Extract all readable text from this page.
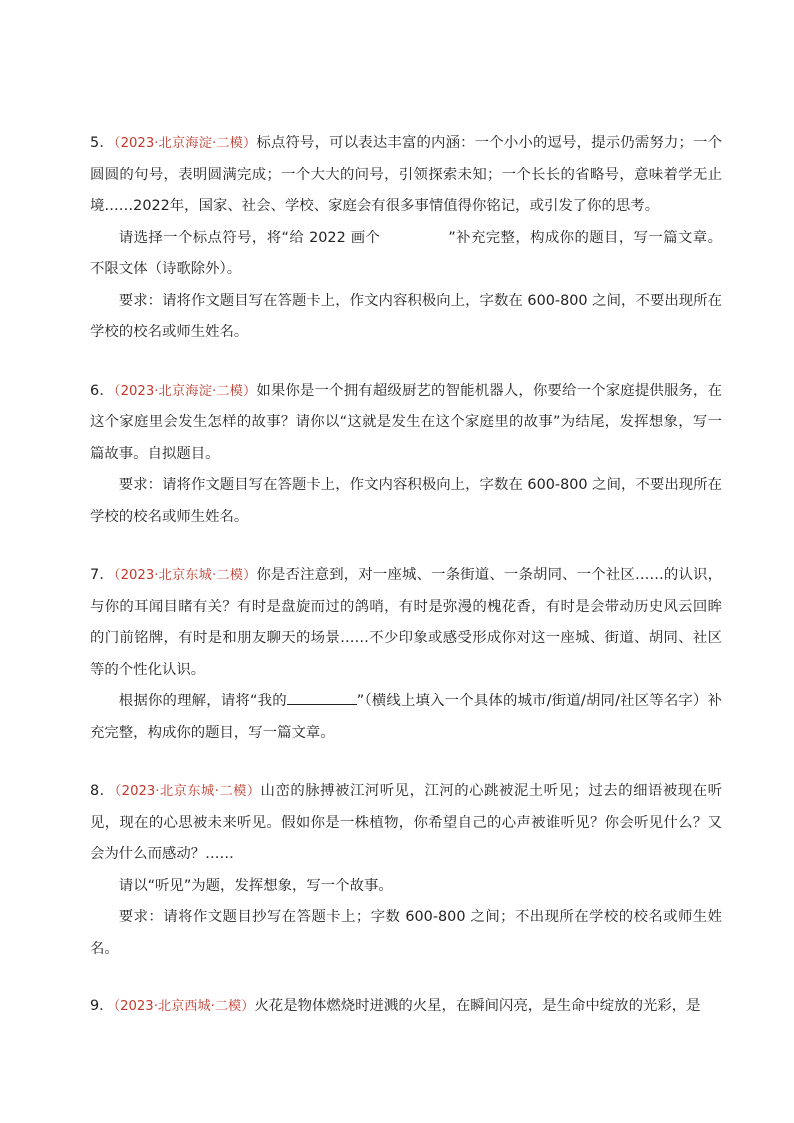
5．（2023·北京海淀·二模）标点符号，可以表达丰富的内涵：一个小小的逗号，提示仍需努力；一个圆圆的句号，表明圆满完成；一个大大的问号，引领探索未知；一个长长的省略号，意味着学无止境……2022年，国家、社会、学校、家庭会有很多事情值得你铭记，或引发了你的思考。

请选择一个标点符号，将“给 2022 画个	”补充完整，构成你的题目，写一篇文章。不限文体（诗歌除外）。

要求：请将作文题目写在答题卡上，作文内容积极向上，字数在 600-800 之间，不要出现所在学校的校名或师生姓名。

6．（2023·北京海淀·二模）如果你是一个拥有超级厨艺的智能机器人，你要给一个家庭提供服务，在这个家庭里会发生怎样的故事？请你以“这就是发生在这个家庭里的故事”为结尾，发挥想象，写一篇故事。自拟题目。

要求：请将作文题目写在答题卡上，作文内容积极向上，字数在 600-800 之间，不要出现所在学校的校名或师生姓名。

7．（2023·北京东城·二模）你是否注意到，对一座城、一条街道、一条胡同、一个社区……的认识，与你的耳闻目睹有关？有时是盘旋而过的鸽哨，有时是弥漫的槐花香，有时是会带动历史风云回眸的门前铭牌，有时是和朋友聊天的场景……不少印象或感受形成你对这一座城、街道、胡同、社区等的个性化认识。

根据你的理解，请将“我的	”（横线上填入一个具体的城市/街道/胡同/社区等名字）补充完整，构成你的题目，写一篇文章。

8．（2023·北京东城·二模）山峦的脉搏被江河听见，江河的心跳被泥土听见；过去的细语被现在听见，现在的心思被未来听见。假如你是一株植物，你希望自己的心声被谁听见？你会听见什么？又会为什么而感动？……

请以“听见”为题，发挥想象，写一个故事。

要求：请将作文题目抄写在答题卡上；字数 600-800 之间；不出现所在学校的校名或师生姓名。

9．（2023·北京西城·二模）火花是物体燃烧时迸溅的火星，在瞬间闪亮，是生命中绽放的光彩，是
